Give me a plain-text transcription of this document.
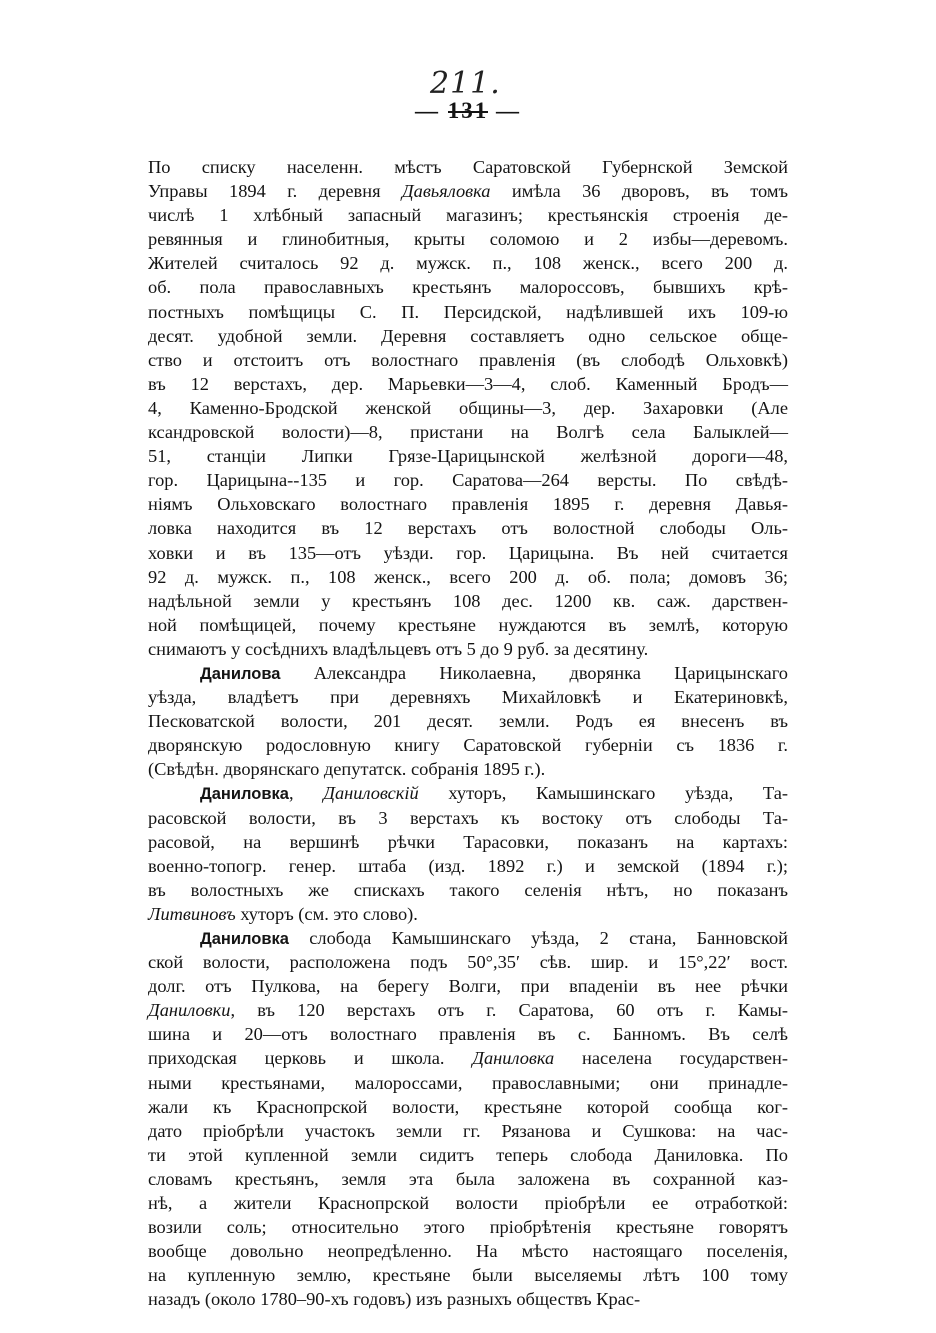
211.
— 131 —
По списку населенн. мѣстъ Саратовской Губернской Земской
Управы 1894 г. деревня Давьяловка имѣла 36 дворовъ, въ томъ
числѣ 1 хлѣбный запасный магазинъ; крестьянскія строенія де-
ревянныя и глинобитныя, крыты соломою и 2 избы—деревомъ.
Жителей считалось 92 д. мужск. п., 108 женск., всего 200 д.
об. пола православныхъ крестьянъ малороссовъ, бывшихъ крѣ-
постныхъ помѣщицы С. П. Персидской, надѣлившей ихъ 109-ю
десят. удобной земли. Деревня составляетъ одно сельское обще-
ство и отстоитъ отъ волостнаго правленія (въ слободѣ Ольховкѣ)
въ 12 верстахъ, дер. Марьевки—3—4, слоб. Каменный Бродъ—
4, Каменно-Бродской женской общины—3, дер. Захаровки (Але
ксандровской волости)—8, пристани на Волгѣ села Балыклей—
51, станціи Липки Грязе-Царицынской желѣзной дороги—48,
гор. Царицына--135 и гор. Саратова—264 версты. По свѣдѣ-
ніямъ Ольховскаго волостнаго правленія 1895 г. деревня Давья-
ловка находится въ 12 верстахъ отъ волостной слободы Оль-
ховки и въ 135—отъ уѣзди. гор. Царицына. Въ ней считается
92 д. мужск. п., 108 женск., всего 200 д. об. пола; домовъ 36;
надѣльной земли у крестьянъ 108 дес. 1200 кв. саж. дарствен-
ной помѣщицей, почему крестьяне нуждаются въ землѣ, которую
снимаютъ у сосѣднихъ владѣльцевъ отъ 5 до 9 руб. за десятину.
Данилова Александра Николаевна, дворянка Царицынскаго
уѣзда, владѣетъ при деревняхъ Михайловкѣ и Екатериновкѣ,
Песковатской волости, 201 десят. земли. Родъ ея внесенъ въ
дворянскую родословную книгу Саратовской губерніи съ 1836 г.
(Свѣдѣн. дворянскаго депутатск. собранія 1895 г.).
Даниловка, Даниловскій хуторъ, Камышинскаго уѣзда, Та-
расовской волости, въ 3 верстахъ къ востоку отъ слободы Та-
расовой, на вершинѣ рѣчки Тарасовки, показанъ на картахъ:
военно-топогр. генер. штаба (изд. 1892 г.) и земской (1894 г.);
въ волостныхъ же спискахъ такого селенія нѣтъ, но показанъ
Литвиновъ хуторъ (см. это слово).
Даниловка слобода Камышинскаго уѣзда, 2 стана, Банновской
ской волости, расположена подъ 50°,35′ сѣв. шир. и 15°,22′ вост.
долг. отъ Пулкова, на берегу Волги, при впаденіи въ нее рѣчки
Даниловки, въ 120 верстахъ отъ г. Саратова, 60 отъ г. Камы-
шина и 20—отъ волостнаго правленія въ с. Банномъ. Въ селѣ
приходская церковь и школа. Даниловка населена государствен-
ными крестьянами, малороссами, православными; они принадле-
жали къ Краснопрской волости, крестьяне которой сообща ког-
дато пріобрѣли участокъ земли гг. Рязанова и Сушкова: на час-
ти этой купленной земли сидитъ теперь слобода Даниловка. По
словамъ крестьянъ, земля эта была заложена въ сохранной каз-
нѣ, а жители Краснопрской волости пріобрѣли ее отработкой:
возили соль; относительно этого пріобрѣтенія крестьяне говорятъ
вообще довольно неопредѣленно. На мѣсто настоящаго поселенія,
на купленную землю, крестьяне были выселяемы лѣтъ 100 тому
назадъ (около 1780–90-хъ годовъ) изъ разныхъ обществъ Крас-
